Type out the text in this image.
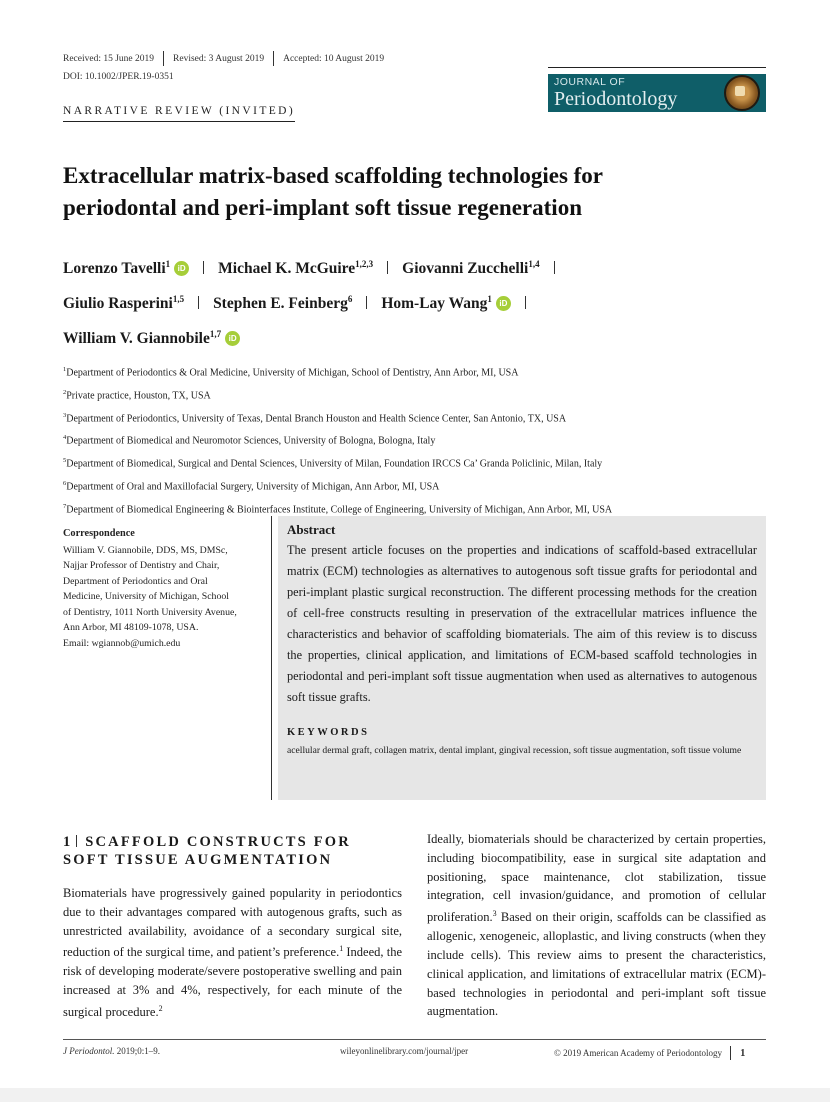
Received: 15 June 2019 Revised: 3 August 2019 Accepted: 10 August 2019
DOI: 10.1002/JPER.19-0351
NARRATIVE REVIEW (INVITED)
JOURNAL OF
Periodontology
Extracellular matrix-based scaffolding technologies for
periodontal and peri-implant soft tissue regeneration
Lorenzo Tavelli$^1$ iD Michael K. McGuire$^{1,2,3}$ Giovanni Zucchelli$^{1,4}$
Giulio Rasperini$^{1,5}$ Stephen E. Feinberg$^6$ Hom-Lay Wang$^1$ iD
William V. Giannobile$^{1,7}$ iD
$^1$Department of Periodontics & Oral Medicine, University of Michigan, School of Dentistry, Ann Arbor, MI, USA
$^2$Private practice, Houston, TX, USA
$^3$Department of Periodontics, University of Texas, Dental Branch Houston and Health Science Center, San Antonio, TX, USA
$^4$Department of Biomedical and Neuromotor Sciences, University of Bologna, Bologna, Italy
$^5$Department of Biomedical, Surgical and Dental Sciences, University of Milan, Foundation IRCCS Ca’ Granda Policlinic, Milan, Italy
$^6$Department of Oral and Maxillofacial Surgery, University of Michigan, Ann Arbor, MI, USA
$^7$Department of Biomedical Engineering & Biointerfaces Institute, College of Engineering, University of Michigan, Ann Arbor, MI, USA
Correspondence
William V. Giannobile, DDS, MS, DMSc,
Najjar Professor of Dentistry and Chair,
Department of Periodontics and Oral
Medicine, University of Michigan, School
of Dentistry, 1011 North University Avenue,
Ann Arbor, MI 48109-1078, USA.
Email: wgiannob@umich.edu
Abstract
The present article focuses on the properties and indications of scaffold-based extracellular matrix (ECM) technologies as alternatives to autogenous soft tissue grafts for periodontal and peri-implant plastic surgical reconstruction. The different processing methods for the creation of cell-free constructs resulting in preservation of the extracellular matrices influence the characteristics and behavior of scaffolding biomaterials. The aim of this review is to discuss the properties, clinical application, and limitations of ECM-based scaffold technologies in periodontal and peri-implant soft tissue augmentation when used as alternatives to autogenous soft tissue grafts.
KEYWORDS
acellular dermal graft, collagen matrix, dental implant, gingival recession, soft tissue augmentation, soft tissue volume
1 SCAFFOLD CONSTRUCTS FOR
SOFT TISSUE AUGMENTATION
Biomaterials have progressively gained popularity in periodontics due to their advantages compared with autogenous grafts, such as unrestricted availability, avoidance of a secondary surgical site, reduction of the surgical time, and patient’s preference.$^1$ Indeed, the risk of developing moderate/severe postoperative swelling and pain increased at 3% and 4%, respectively, for each minute of the surgical procedure.$^2$
Ideally, biomaterials should be characterized by certain properties, including biocompatibility, ease in surgical site adaptation and positioning, space maintenance, clot stabilization, tissue integration, cell invasion/guidance, and promotion of cellular proliferation.$^3$ Based on their origin, scaffolds can be classified as allogenic, xenogeneic, alloplastic, and living constructs (when they include cells). This review aims to present the characteristics, clinical application, and limitations of extracellular matrix (ECM)-based technologies in periodontal and peri-implant soft tissue augmentation.
J Periodontol. 2019;0:1–9.	wileyonlinelibrary.com/journal/jper	© 2019 American Academy of Periodontology 1
